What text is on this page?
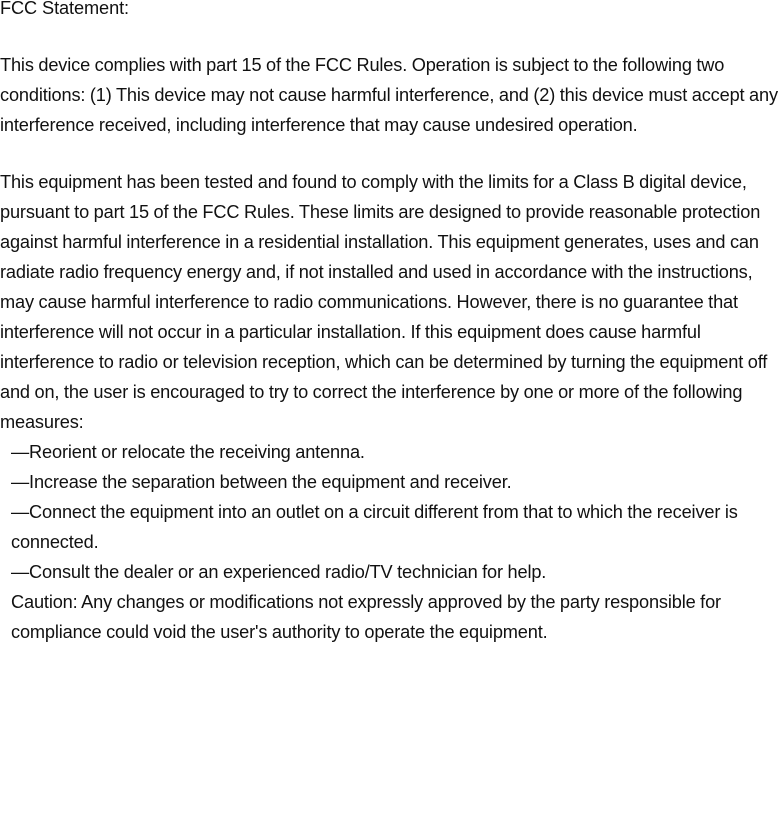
FCC Statement:

This device complies with part 15 of the FCC Rules. Operation is subject to the following two conditions: (1) This device may not cause harmful interference, and (2) this device must accept any interference received, including interference that may cause undesired operation.

This equipment has been tested and found to comply with the limits for a Class B digital device, pursuant to part 15 of the FCC Rules. These limits are designed to provide reasonable protection against harmful interference in a residential installation. This equipment generates, uses and can radiate radio frequency energy and, if not installed and used in accordance with the instructions, may cause harmful interference to radio communications. However, there is no guarantee that interference will not occur in a particular installation. If this equipment does cause harmful interference to radio or television reception, which can be determined by turning the equipment off and on, the user is encouraged to try to correct the interference by one or more of the following measures:

—Reorient or relocate the receiving antenna.
—Increase the separation between the equipment and receiver.
—Connect the equipment into an outlet on a circuit different from that to which the receiver is connected.
—Consult the dealer or an experienced radio/TV technician for help.

Caution: Any changes or modifications not expressly approved by the party responsible for compliance could void the user's authority to operate the equipment.
